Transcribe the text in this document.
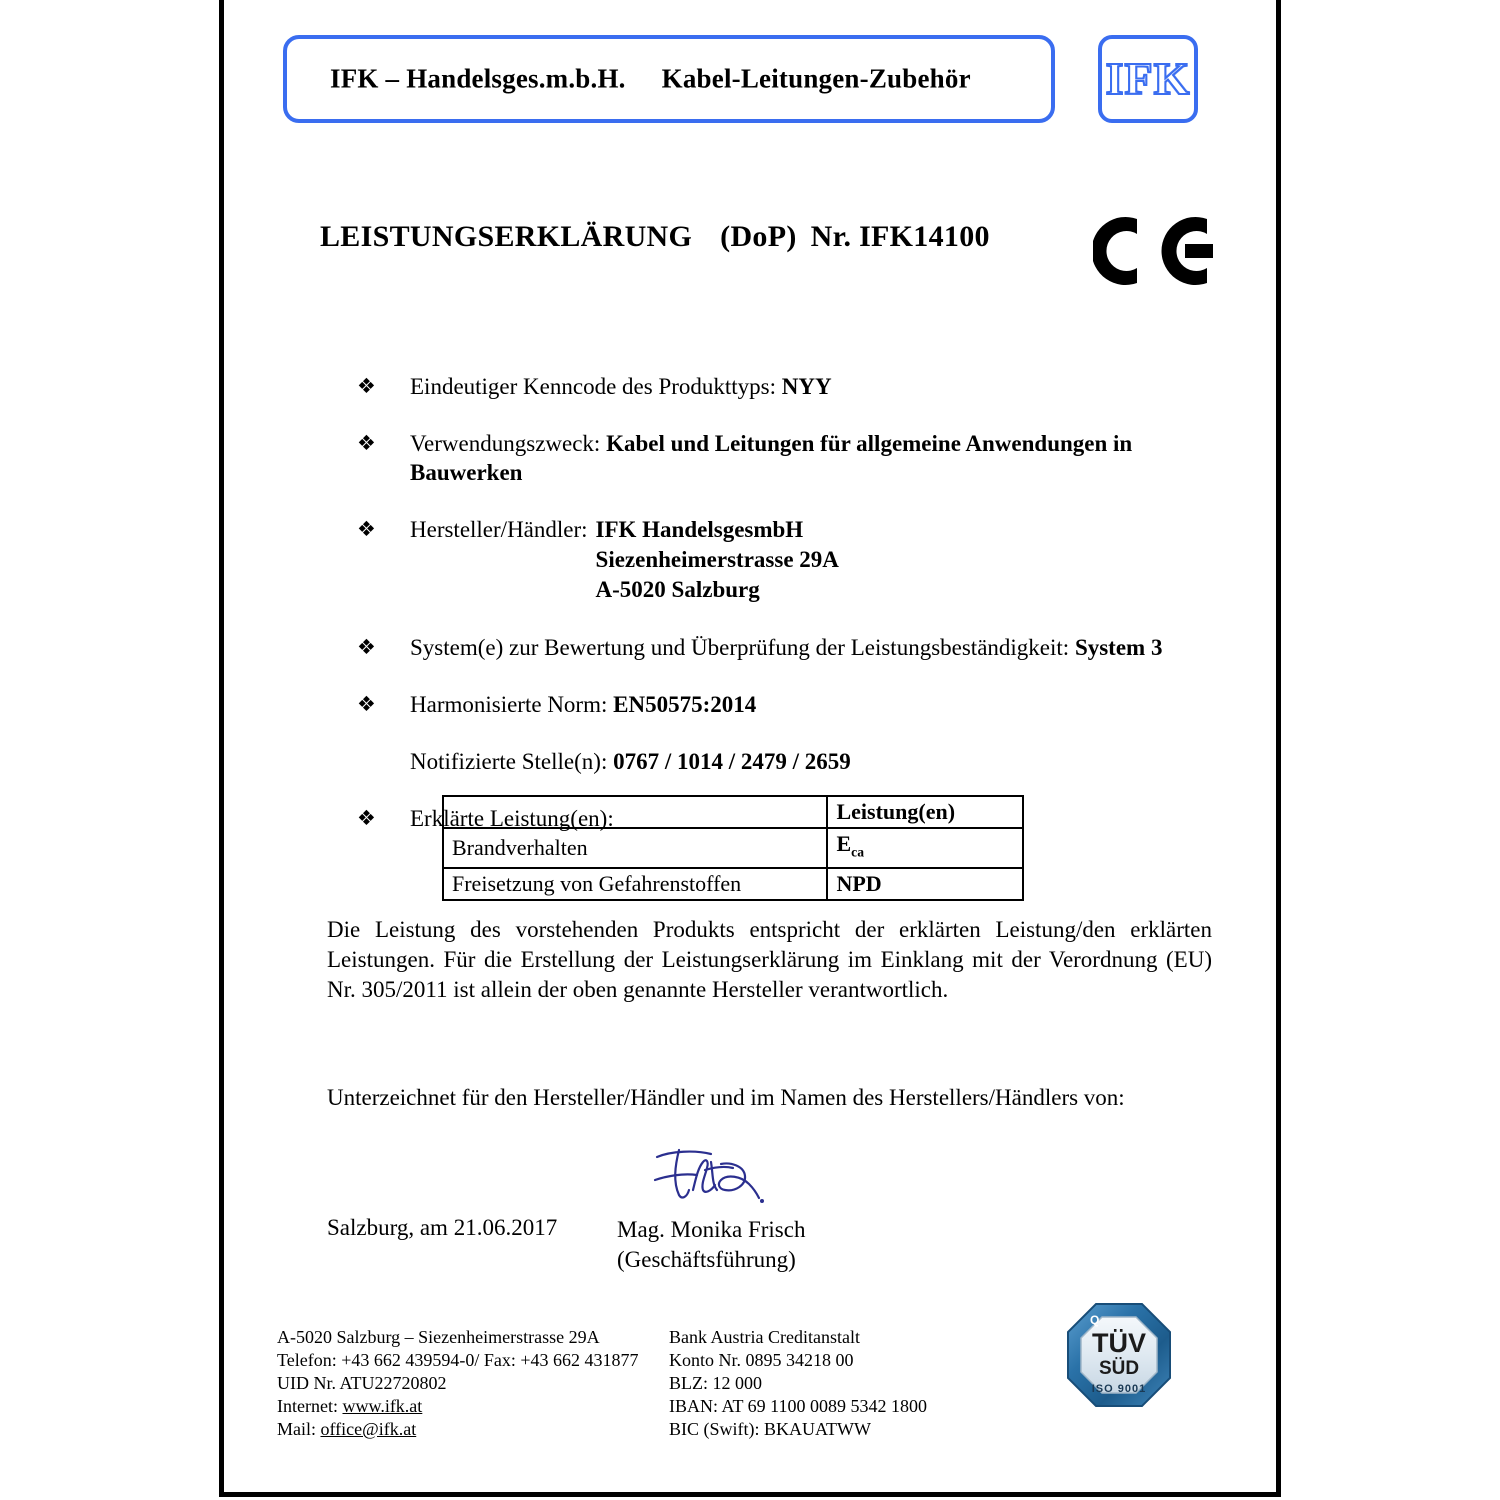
IFK – Handelsges.m.b.H. Kabel-Leitungen-Zubehör	IFK
LEISTUNGSERKLÄRUNG (DoP) Nr. IFK14100
❖ Eindeutiger Kenncode des Produkttyps: NYY
❖ Verwendungszweck: Kabel und Leitungen für allgemeine Anwendungen in Bauwerken
❖ Hersteller/Händler: IFK HandelsgesmbH
Siezenheimerstrasse 29A
A-5020 Salzburg
❖ System(e) zur Bewertung und Überprüfung der Leistungsbeständigkeit: System 3
❖ Harmonisierte Norm: EN50575:2014
Notifizierte Stelle(n): 0767 / 1014 / 2479 / 2659
❖ Erklärte Leistung(en):
		Leistung(en)
Brandverhalten	$E_{ca}$
Freisetzung von Gefahrenstoffen	NPD
Die Leistung des vorstehenden Produkts entspricht der erklärten Leistung/den erklärten Leistungen. Für die Erstellung der Leistungserklärung im Einklang mit der Verordnung (EU) Nr. 305/2011 ist allein der oben genannte Hersteller verantwortlich.
Unterzeichnet für den Hersteller/Händler und im Namen des Herstellers/Händlers von:
Salzburg, am 21.06.2017	Mag. Monika Frisch
(Geschäftsführung)
A-5020 Salzburg – Siezenheimerstrasse 29A
Telefon: +43 662 439594-0/ Fax: +43 662 431877
UID Nr. ATU22720802
Internet: www.ifk.at
Mail: office@ifk.at
Bank Austria Creditanstalt
Konto Nr. 0895 34218 00
BLZ: 12 000
IBAN: AT 69 1100 0089 5342 1800
BIC (Swift): BKAUATWW
Q
TÜV
SÜD
ISO 9001
